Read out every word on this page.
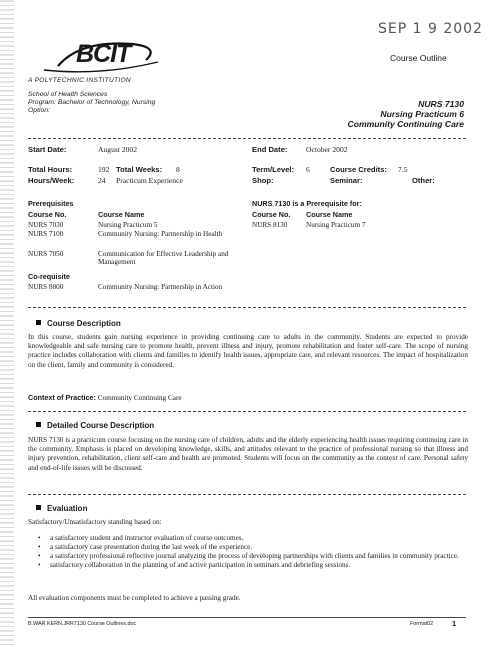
SEP 1 9 2002
Course Outline
BCIT
A POLYTECHNIC INSTITUTION
School of Health Sciences
Program: Bachelor of Technology, Nursing
Option:
NURS 7130
Nursing Practicum 6
Community Continuing Care
Start Date:	August 2002	End Date: October 2002
Total Hours:	192 Total Weeks: 8	Term/Level: 6	Course Credits: 7.5
Hours/Week:	24 Practicum Experience	Shop:	Seminar:	Other:
Prerequisites
Course No.	Course Name
NURS 7030	Nursing Practicum 5
NURS 7100	Community Nursing: Partnership in Health
NURS 7050	Communication for Effective Leadership and Management
Co-requisite
NURS 8800	Community Nursing: Partnership in Action
NURS 7130 is a Prerequisite for:
Course No. Course Name
NURS 8130	Nursing Practicum 7
Course Description
In this course, students gain nursing experience in providing continuing care to adults in the community. Students are expected to provide knowledgeable and safe nursing care to promote health, prevent illness and injury, promote rehabilitation and foster self-care. The scope of nursing practice includes collaboration with clients and families to identify health issues, appropriate care, and relevant resources. The impact of hospitalization on the client, family and community is considered.
Context of Practice: Community Continuing Care
Detailed Course Description
NURS 7130 is a practicum course focusing on the nursing care of children, adults and the elderly experiencing health issues requiring continuing care in the community. Emphasis is placed on developing knowledge, skills, and attitudes relevant to the practice of professional nursing so that illness and injury prevention, rehabilitation, client self-care and health are promoted. Students will focus on the community as the context of care. Personal safety and end-of-life issues will be discussed.
Evaluation
Satisfactory/Unsatisfactory standing based on:
• a satisfactory student and instructor evaluation of course outcomes.
• a satisfactory case presentation during the last week of the experience.
• a satisfactory professional reflective journal analyzing the process of developing partnerships with clients and families in community practice.
• satisfactory collaboration in the planning of and active participation in seminars and debriefing sessions.
All evaluation components must be completed to achieve a passing grade.
B.WAR KERN.JRR7130 Course Outlines.doc	Format02	1
